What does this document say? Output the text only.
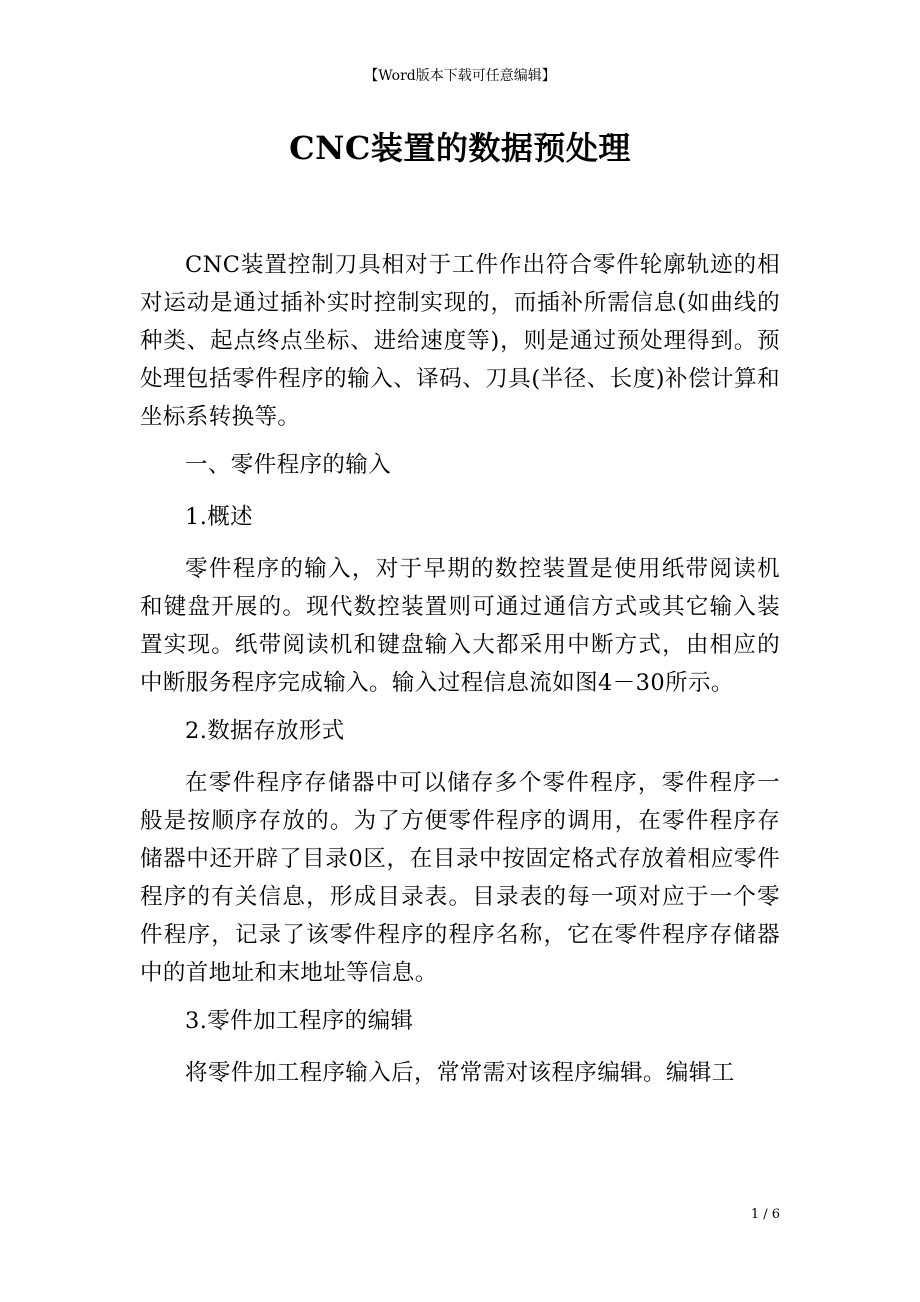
【Word版本下载可任意编辑】
CNC装置的数据预处理

CNC装置控制刀具相对于工件作出符合零件轮廓轨迹的相对运动是通过插补实时控制实现的，而插补所需信息(如曲线的种类、起点终点坐标、进给速度等)，则是通过预处理得到。预处理包括零件程序的输入、译码、刀具(半径、长度)补偿计算和坐标系转换等。

一、零件程序的输入

1.概述

零件程序的输入，对于早期的数控装置是使用纸带阅读机和键盘开展的。现代数控装置则可通过通信方式或其它输入装置实现。纸带阅读机和键盘输入大都采用中断方式，由相应的中断服务程序完成输入。输入过程信息流如图4－30所示。

2.数据存放形式

在零件程序存储器中可以储存多个零件程序，零件程序一般是按顺序存放的。为了方便零件程序的调用，在零件程序存储器中还开辟了目录0区，在目录中按固定格式存放着相应零件程序的有关信息，形成目录表。目录表的每一项对应于一个零件程序，记录了该零件程序的程序名称，它在零件程序存储器中的首地址和末地址等信息。

3.零件加工程序的编辑

将零件加工程序输入后，常常需对该程序编辑。编辑工

1 / 6
